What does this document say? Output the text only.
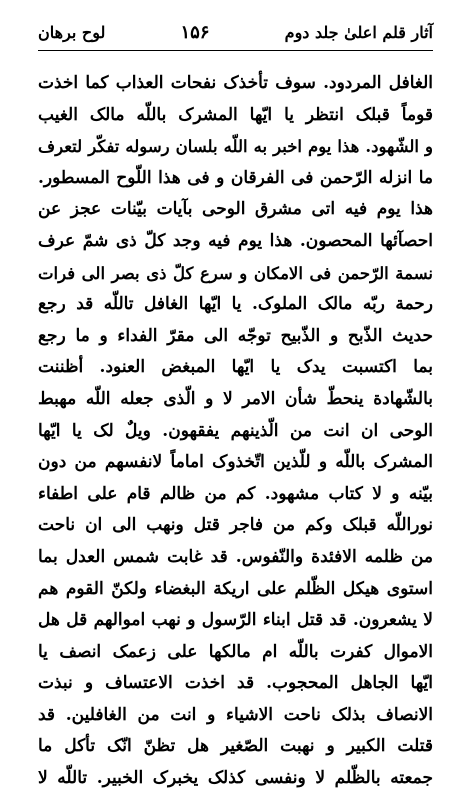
آثار قلم اعلیٰ جلد دوم
۱۵۶
لوح برهان
الغافل المردود. سوف تأخذک نفحات العذاب کما اخذت
قوماً قبلک انتظر یا ایّها المشرک باللّه مالک الغیب
و الشّهود. هذا یوم اخبر به اللّه بلسان رسوله تفکّر لتعرف
ما انزله الرّحمن فی الفرقان و فی هذا اللّوح المسطور.
هذا یوم فیه اتی مشرق الوحی بآیات بیّنات عجز عن
احصآئها المحصون. هذا یوم فیه وجد کلّ ذی شمّ عرف
نسمة الرّحمن فی الامکان و سرع کلّ ذی بصر الی فرات
رحمة ربّه مالک الملوک. یا ایّها الغافل تاللّه قد رجع
حدیث الذّبح و الذّبیح توجّه الی مقرّ الفداء و ما رجع
بما اکتسبت یدک یا ایّها المبغض العنود. أظننت
بالشّهادة ینحطّ شأن الامر لا و الّذی جعله اللّه مهبط
الوحی ان انت من الّذینهم یفقهون. ویلٌ لک یا ایّها
المشرک باللّه و للّذین اتّخذوک اماماً لانفسهم من دون
بیّنه و لا کتاب مشهود. کم من ظالم قام علی اطفاء
نوراللّه قبلک وکم من فاجر قتل ونهب الی ان ناحت
من ظلمه الافئدة والنّفوس. قد غابت شمس العدل بما
استوی هیکل الظّلم علی اریکة البغضاء ولکنّ القوم هم
لا یشعرون. قد قتل ابناء الرّسول و نهب اموالهم قل هل
الاموال کفرت باللّه ام مالکها علی زعمک انصف یا
ایّها الجاهل المحجوب. قد اخذت الاعتساف و نبذت
الانصاف بذلک ناحت الاشیاء و انت من الغافلین. قد
قتلت الکبیر و نهبت الصّغیر هل تظنّ انّک تأکل ما
جمعته بالظّلم لا ونفسی کذلک یخبرک الخبیر. تاللّه لا
